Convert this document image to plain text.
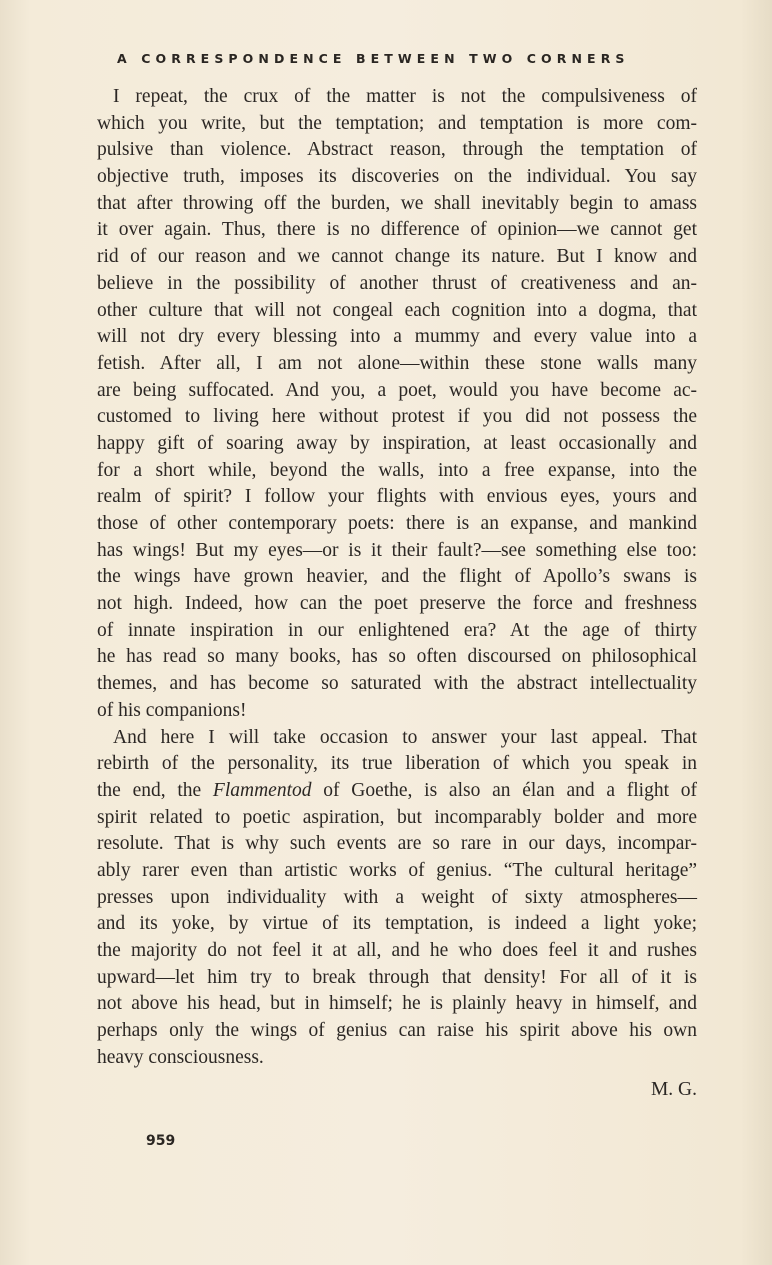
A CORRESPONDENCE BETWEEN TWO CORNERS
I repeat, the crux of the matter is not the compulsiveness of
which you write, but the temptation; and temptation is more com-
pulsive than violence. Abstract reason, through the temptation of
objective truth, imposes its discoveries on the individual. You say
that after throwing off the burden, we shall inevitably begin to amass
it over again. Thus, there is no difference of opinion—we cannot get
rid of our reason and we cannot change its nature. But I know and
believe in the possibility of another thrust of creativeness and an-
other culture that will not congeal each cognition into a dogma, that
will not dry every blessing into a mummy and every value into a
fetish. After all, I am not alone—within these stone walls many
are being suffocated. And you, a poet, would you have become ac-
customed to living here without protest if you did not possess the
happy gift of soaring away by inspiration, at least occasionally and
for a short while, beyond the walls, into a free expanse, into the
realm of spirit? I follow your flights with envious eyes, yours and
those of other contemporary poets: there is an expanse, and mankind
has wings! But my eyes—or is it their fault?—see something else too:
the wings have grown heavier, and the flight of Apollo’s swans is
not high. Indeed, how can the poet preserve the force and freshness
of innate inspiration in our enlightened era? At the age of thirty
he has read so many books, has so often discoursed on philosophical
themes, and has become so saturated with the abstract intellectuality
of his companions!
And here I will take occasion to answer your last appeal. That
rebirth of the personality, its true liberation of which you speak in
the end, the Flammentod of Goethe, is also an élan and a flight of
spirit related to poetic aspiration, but incomparably bolder and more
resolute. That is why such events are so rare in our days, incompar-
ably rarer even than artistic works of genius. “The cultural heritage”
presses upon individuality with a weight of sixty atmospheres—
and its yoke, by virtue of its temptation, is indeed a light yoke;
the majority do not feel it at all, and he who does feel it and rushes
upward—let him try to break through that density! For all of it is
not above his head, but in himself; he is plainly heavy in himself, and
perhaps only the wings of genius can raise his spirit above his own
heavy consciousness.
M. G.
959
